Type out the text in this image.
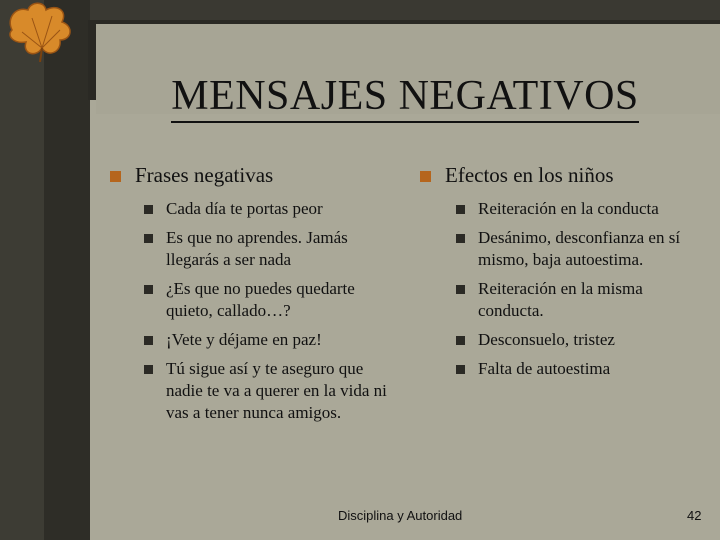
MENSAJES NEGATIVOS
Frases negativas
Cada día te portas peor
Es que no aprendes. Jamás llegarás a ser nada
¿Es que no puedes quedarte quieto, callado…?
¡Vete y déjame en paz!
Tú sigue así y te aseguro que nadie te va a querer en la vida ni vas a tener nunca amigos.
Efectos en los niños
Reiteración en la conducta
Desánimo, desconfianza en sí mismo, baja autoestima.
Reiteración en la misma conducta.
Desconsuelo, tristez
Falta de autoestima
Disciplina y Autoridad	42
